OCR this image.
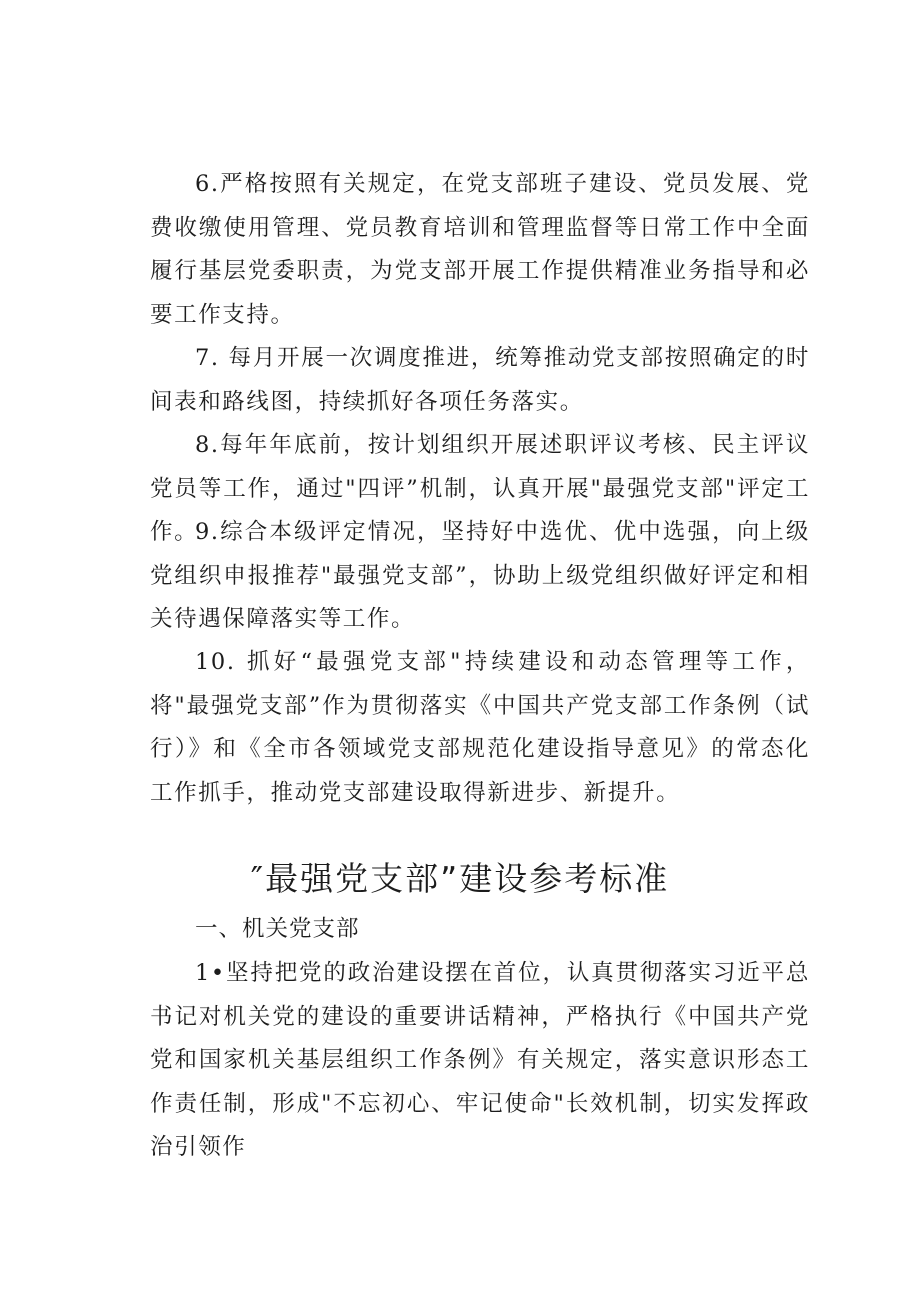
6.严格按照有关规定，在党支部班子建设、党员发展、党费收缴使用管理、党员教育培训和管理监督等日常工作中全面履行基层党委职责，为党支部开展工作提供精准业务指导和必要工作支持。

7. 每月开展一次调度推进，统筹推动党支部按照确定的时间表和路线图，持续抓好各项任务落实。

8.每年年底前，按计划组织开展述职评议考核、民主评议党员等工作，通过"四评”机制，认真开展"最强党支部"评定工作。

9.综合本级评定情况，坚持好中选优、优中选强，向上级党组织申报推荐"最强党支部”，协助上级党组织做好评定和相关待遇保障落实等工作。

10. 抓好“最强党支部"持续建设和动态管理等工作，将"最强党支部”作为贯彻落实《中国共产党支部工作条例（试行）》和《全市各领域党支部规范化建设指导意见》的常态化工作抓手，推动党支部建设取得新进步、新提升。

″最强党支部”建设参考标准
一、机关党支部

1•坚持把党的政治建设摆在首位，认真贯彻落实习近平总书记对机关党的建设的重要讲话精神，严格执行《中国共产党党和国家机关基层组织工作条例》有关规定，落实意识形态工作责任制，形成"不忘初心、牢记使命"长效机制，切实发挥政治引领作
